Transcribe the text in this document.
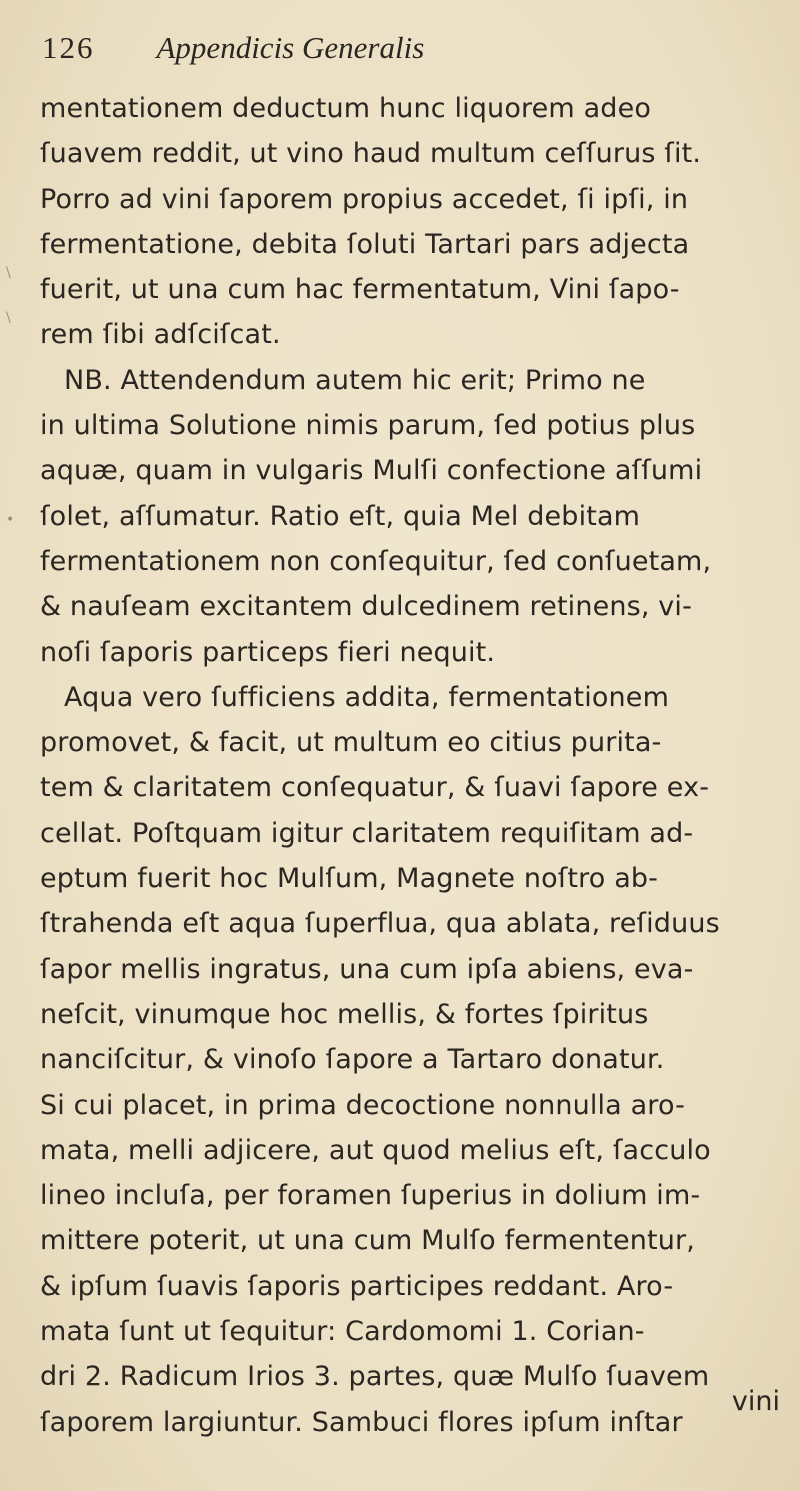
126 Appendicis Generalis
mentationem deductum hunc liquorem adeo
ſuavem reddit, ut vino haud multum ceſſurus ſit.
Porro ad vini ſaporem propius accedet, ſi ipſi, in
fermentatione, debita ſoluti Tartari pars adjecta
fuerit, ut una cum hac fermentatum, Vini ſapo-
rem ſibi adſciſcat.
NB. Attendendum autem hic erit; Primo ne
in ultima Solutione nimis parum, ſed potius plus
aquæ, quam in vulgaris Mulſi confectione aſſumi
ſolet, aſſumatur. Ratio eſt, quia Mel debitam
fermentationem non conſequitur, ſed conſuetam,
& nauſeam excitantem dulcedinem retinens, vi-
noſi ſaporis particeps fieri nequit.
Aqua vero ſufficiens addita, fermentationem
promovet, & facit, ut multum eo citius purita-
tem & claritatem conſequatur, & ſuavi ſapore ex-
cellat. Poſtquam igitur claritatem requiſitam ad-
eptum fuerit hoc Mulſum, Magnete noſtro ab-
ſtrahenda eſt aqua ſuperflua, qua ablata, reſiduus
ſapor mellis ingratus, una cum ipſa abiens, eva-
neſcit, vinumque hoc mellis, & fortes ſpiritus
nanciſcitur, & vinoſo ſapore a Tartaro donatur.
Si cui placet, in prima decoctione nonnulla aro-
mata, melli adjicere, aut quod melius eſt, ſacculo
lineo incluſa, per foramen ſuperius in dolium im-
mittere poterit, ut una cum Mulſo fermententur,
& ipſum ſuavis ſaporis participes reddant. Aro-
mata ſunt ut ſequitur: Cardomomi 1. Corian-
dri 2. Radicum Irios 3. partes, quæ Mulſo ſuavem
ſaporem largiuntur. Sambuci flores ipſum inſtar
vini
\
\
•
